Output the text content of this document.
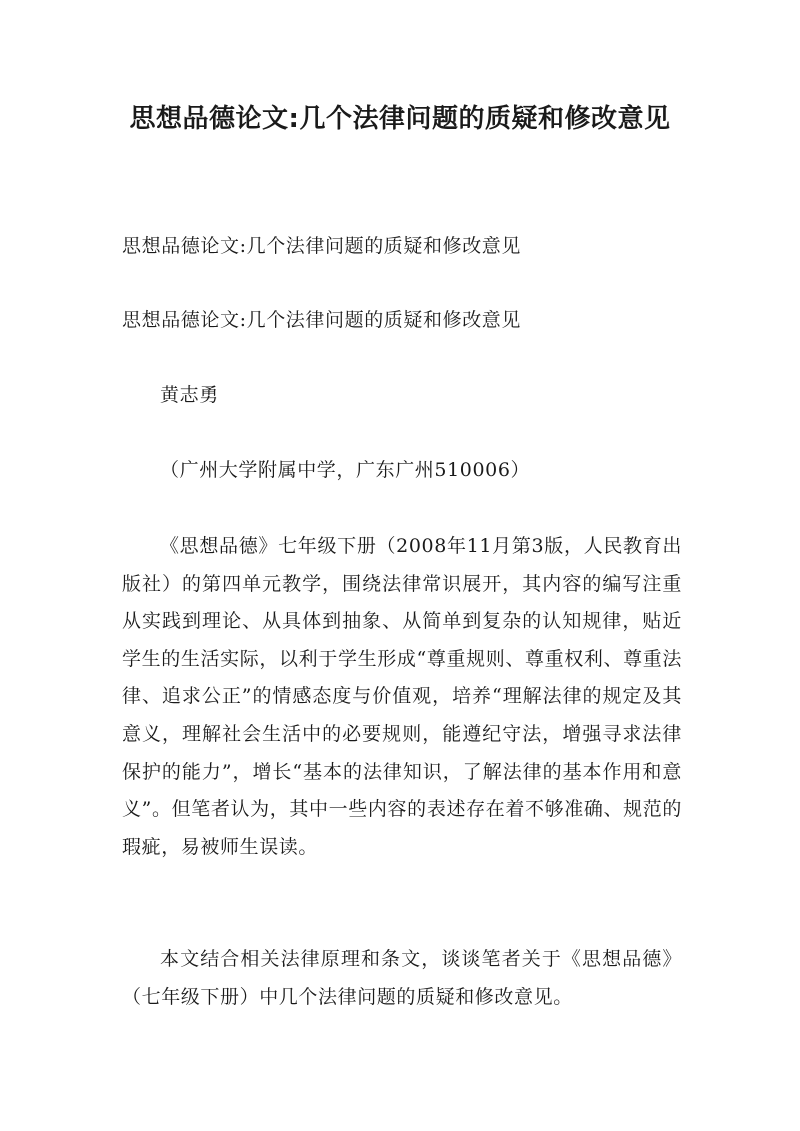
思想品德论文:几个法律问题的质疑和修改意见
思想品德论文:几个法律问题的质疑和修改意见
思想品德论文:几个法律问题的质疑和修改意见
黄志勇
（广州大学附属中学，广东广州510006）
《思想品德》七年级下册（2008年11月第3版，人民教育出版社）的第四单元教学，围绕法律常识展开，其内容的编写注重从实践到理论、从具体到抽象、从简单到复杂的认知规律，贴近学生的生活实际，以利于学生形成“尊重规则、尊重权利、尊重法律、追求公正”的情感态度与价值观，培养“理解法律的规定及其意义，理解社会生活中的必要规则，能遵纪守法，增强寻求法律保护的能力”，增长“基本的法律知识，了解法律的基本作用和意义”。但笔者认为，其中一些内容的表述存在着不够准确、规范的瑕疵，易被师生误读。
本文结合相关法律原理和条文，谈谈笔者关于《思想品德》（七年级下册）中几个法律问题的质疑和修改意见。
